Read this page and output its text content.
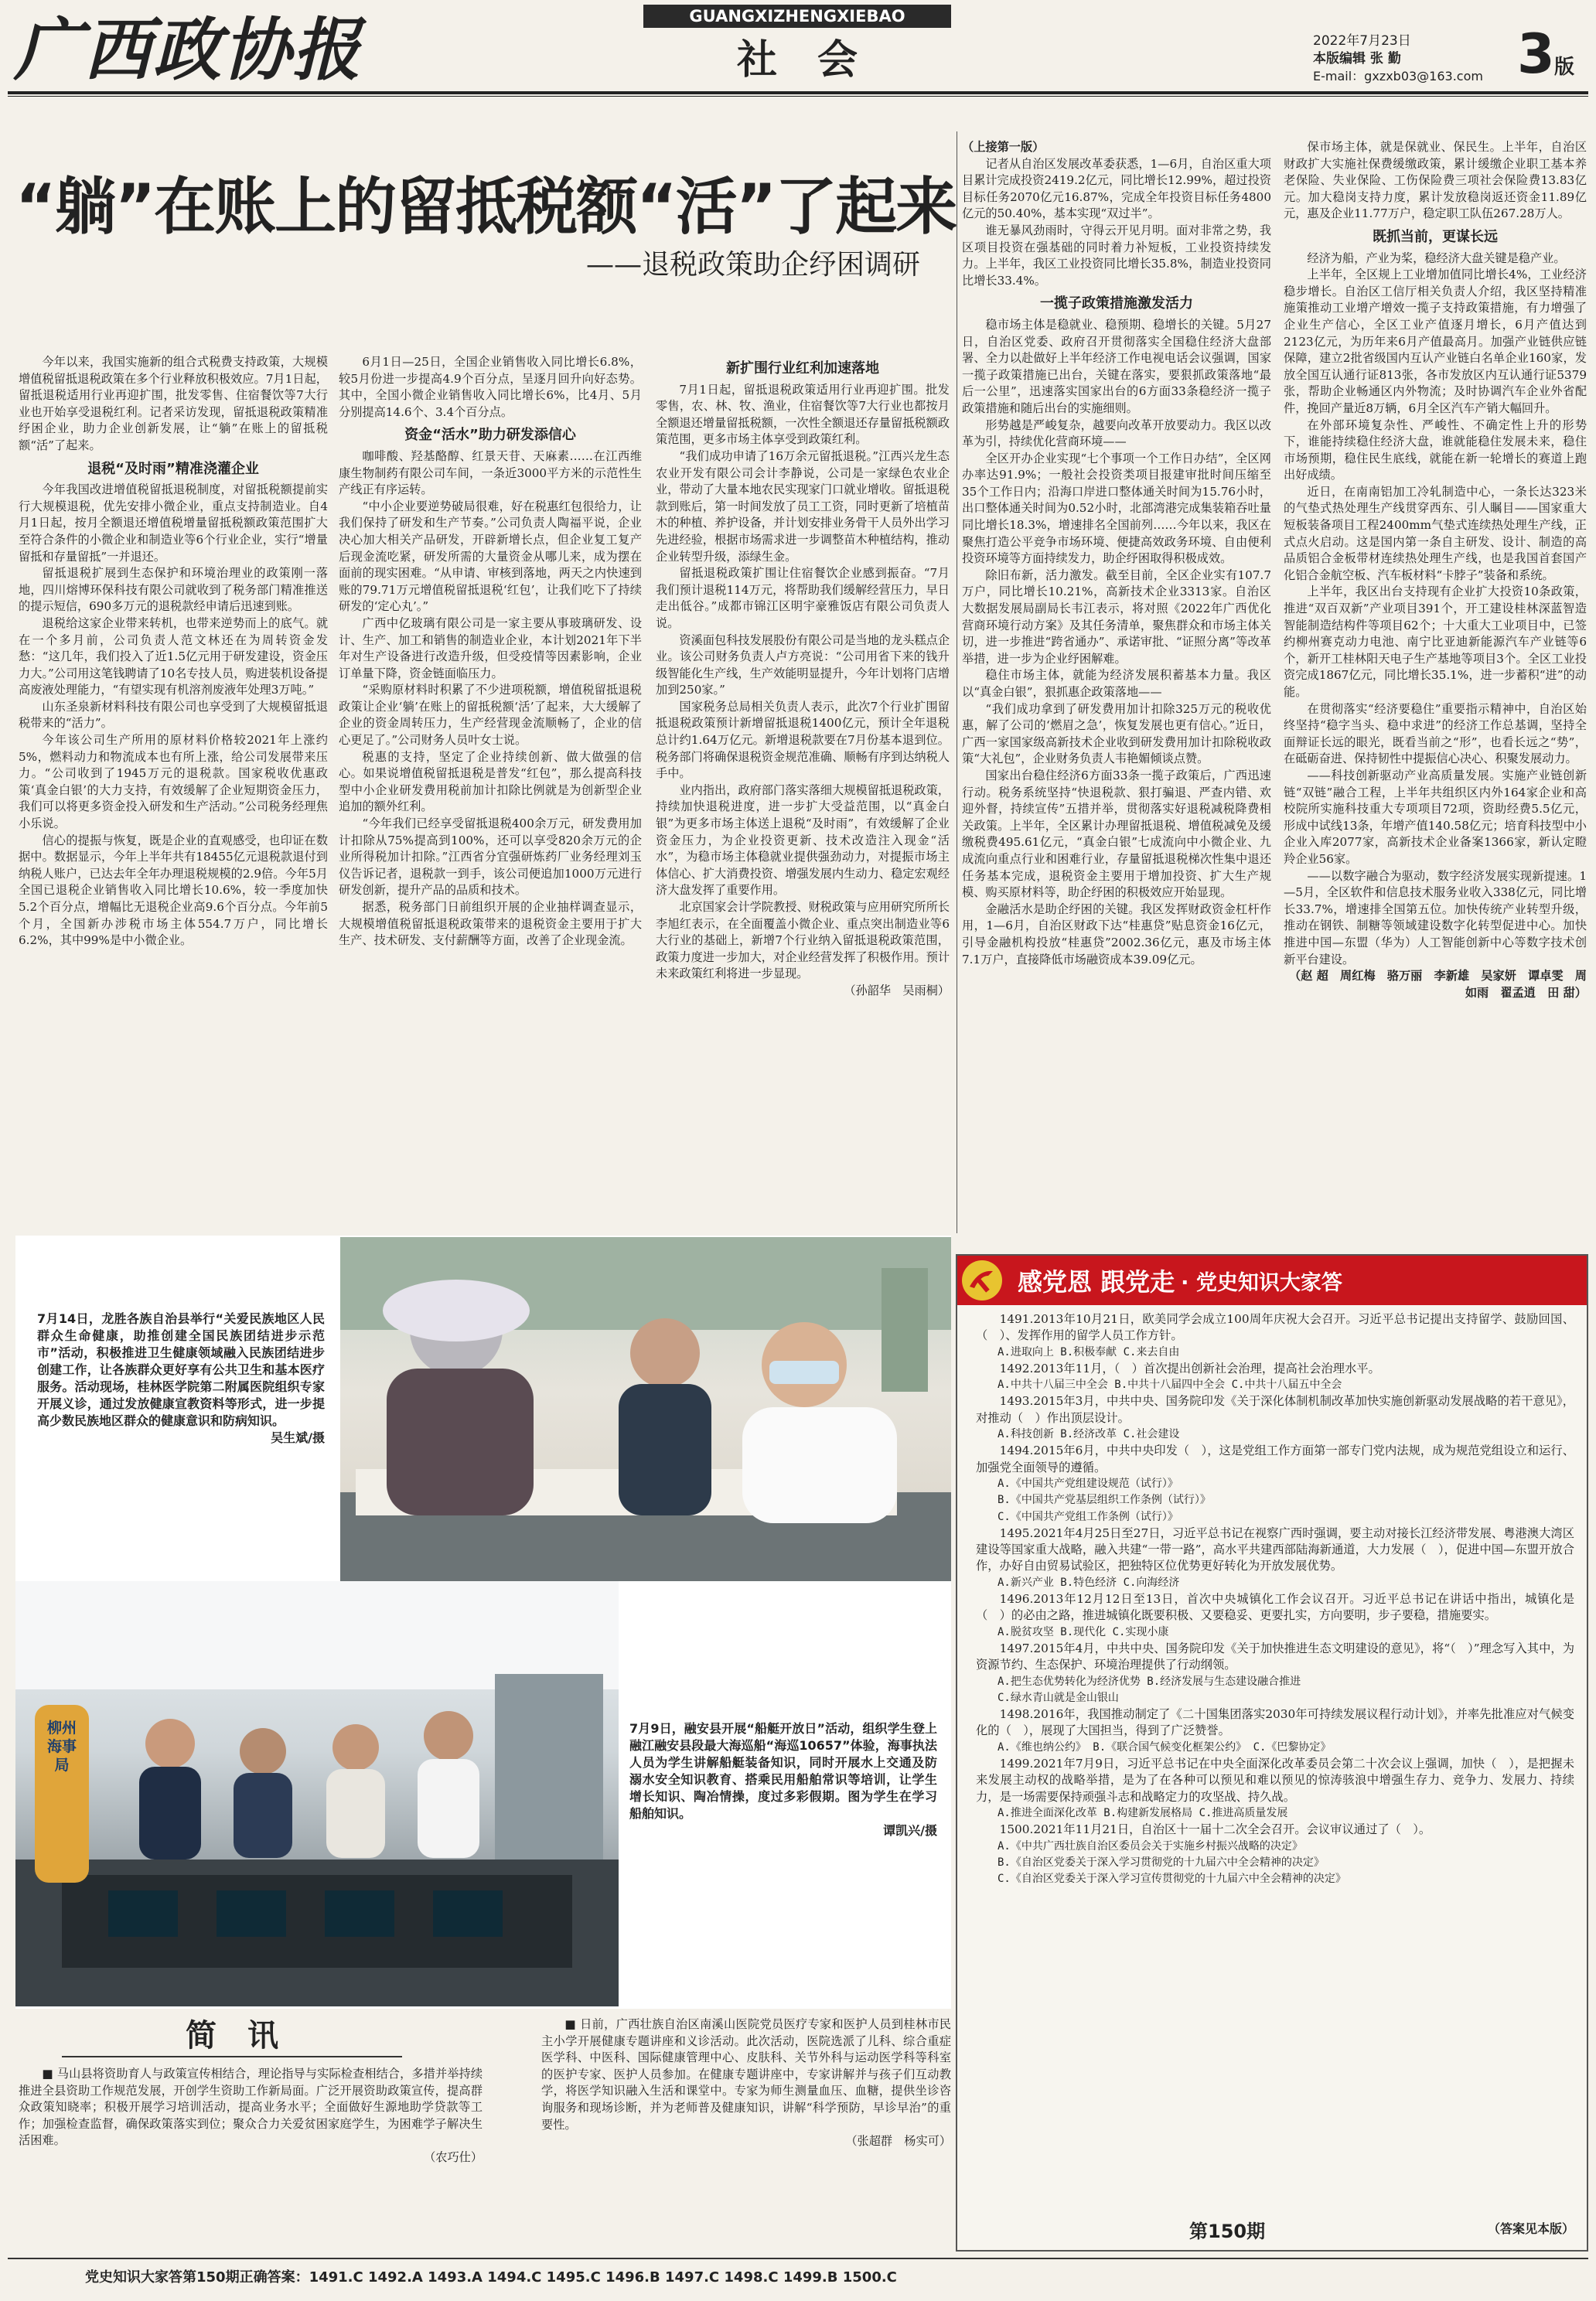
广西政协报	GUANGXIZHENGXIEBAO
社　会	2022年7月23日
本版编辑 张 勤
E-mail：gxzxb03@163.com 3 版
“躺”在账上的留抵税额“活”了起来
——退税政策助企纾困调研

今年以来，我国实施新的组合式税费支持政策，大规模增值税留抵退税政策在多个行业释放积极效应。7月1日起，留抵退税适用行业再迎扩围，批发零售、住宿餐饮等7大行业也开始享受退税红利。记者采访发现，留抵退税政策精准纾困企业，助力企业创新发展，让“躺”在账上的留抵税额“活”了起来。

退税“及时雨”精准浇灌企业

今年我国改进增值税留抵退税制度，对留抵税额提前实行大规模退税，优先安排小微企业，重点支持制造业。自4月1日起，按月全额退还增值税增量留抵税额政策范围扩大至符合条件的小微企业和制造业等6个行业企业，实行“增量留抵和存量留抵”一并退还。

留抵退税扩展到生态保护和环境治理业的政策刚一落地，四川熔博环保科技有限公司就收到了税务部门精准推送的提示短信，690多万元的退税款经申请后迅速到账。

退税给这家企业带来转机，也带来逆势而上的底气。就在一个多月前，公司负责人范文林还在为周转资金发愁：“这几年，我们投入了近1.5亿元用于研发建设，资金压力大。”公司用这笔钱聘请了10名专技人员，购进装机设备提高废液处理能力，“有望实现有机溶剂废液年处理3万吨。”

山东圣泉新材料科技有限公司也享受到了大规模留抵退税带来的“活力”。

今年该公司生产所用的原材料价格较2021年上涨约5%，燃料动力和物流成本也有所上涨，给公司发展带来压力。“公司收到了1945万元的退税款。国家税收优惠政策‘真金白银’的大力支持，有效缓解了企业短期资金压力，我们可以将更多资金投入研发和生产活动。”公司税务经理焦小乐说。

信心的提振与恢复，既是企业的直观感受，也印证在数据中。数据显示，今年上半年共有18455亿元退税款退付到纳税人账户，已达去年全年办理退税规模的2.9倍。今年5月全国已退税企业销售收入同比增长10.6%，较一季度加快5.2个百分点，增幅比无退税企业高9.6个百分点。今年前5个月，全国新办涉税市场主体554.7万户，同比增长6.2%，其中99%是中小微企业。

6月1日—25日，全国企业销售收入同比增长6.8%，较5月份进一步提高4.9个百分点，呈逐月回升向好态势。其中，全国小微企业销售收入同比增长6%，比4月、5月分别提高14.6个、3.4个百分点。

资金“活水”助力研发添信心

咖啡酸、羟基酪醇、红景天苷、天麻素……在江西维康生物制药有限公司车间，一条近3000平方米的示范性生产线正有序运转。

“中小企业要逆势破局很难，好在税惠红包很给力，让我们保持了研发和生产节奏。”公司负责人陶福平说，企业决心加大相关产品研发，开辟新增长点，但企业复工复产后现金流吃紧，研发所需的大量资金从哪儿来，成为摆在面前的现实困难。“从申请、审核到落地，两天之内快速到账的79.71万元增值税留抵退税‘红包’，让我们吃下了持续研发的‘定心丸’。”

广西中亿玻璃有限公司是一家主要从事玻璃研发、设计、生产、加工和销售的制造业企业，本计划2021年下半年对生产设备进行改造升级，但受疫情等因素影响，企业订单量下降，资金链面临压力。

“采购原材料时积累了不少进项税额，增值税留抵退税政策让企业‘躺’在账上的留抵税额‘活’了起来，大大缓解了企业的资金周转压力，生产经营现金流顺畅了，企业的信心更足了。”公司财务人员叶女士说。

税惠的支持，坚定了企业持续创新、做大做强的信心。如果说增值税留抵退税是普发“红包”，那么提高科技型中小企业研发费用税前加计扣除比例就是为创新型企业追加的额外红利。

“今年我们已经享受留抵退税400余万元，研发费用加计扣除从75%提高到100%，还可以享受820余万元的企业所得税加计扣除。”江西省分宜强研炼药厂业务经理刘玉仪告诉记者，退税款一到手，该公司便追加1000万元进行研发创新，提升产品的品质和技术。

据悉，税务部门日前组织开展的企业抽样调查显示，大规模增值税留抵退税政策带来的退税资金主要用于扩大生产、技术研发、支付薪酬等方面，改善了企业现金流。

新扩围行业红利加速落地

7月1日起，留抵退税政策适用行业再迎扩围。批发零售，农、林、牧、渔业，住宿餐饮等7大行业也都按月全额退还增量留抵税额，一次性全额退还存量留抵税额政策范围，更多市场主体享受到政策红利。

“我们成功申请了16万余元留抵退税。”江西兴龙生态农业开发有限公司会计李静说，公司是一家绿色农业企业，带动了大量本地农民实现家门口就业增收。留抵退税款到账后，第一时间发放了员工工资，同时更新了培植苗木的种植、养护设备，并计划安排业务骨干人员外出学习先进经验，根据市场需求进一步调整苗木种植结构，推动企业转型升级，添绿生金。

留抵退税政策扩围让住宿餐饮企业感到振奋。“7月我们预计退税114万元，将帮助我们缓解经营压力，早日走出低谷。”成都市锦江区明宇豪雅饭店有限公司负责人说。

资溪面包科技发展股份有限公司是当地的龙头糕点企业。该公司财务负责人卢方亮说：“公司用省下来的钱升级智能化生产线，生产效能明显提升，今年计划将门店增加到250家。”

国家税务总局相关负责人表示，此次7个行业扩围留抵退税政策预计新增留抵退税1400亿元，预计全年退税总计约1.64万亿元。新增退税款要在7月份基本退到位。税务部门将确保退税资金规范准确、顺畅有序到达纳税人手中。

业内指出，政府部门落实落细大规模留抵退税政策，持续加快退税进度，进一步扩大受益范围，以“真金白银”为更多市场主体送上退税“及时雨”，有效缓解了企业资金压力，为企业投资更新、技术改造注入现金“活水”，为稳市场主体稳就业提供强劲动力，对提振市场主体信心、扩大消费投资、增强发展内生动力、稳定宏观经济大盘发挥了重要作用。

北京国家会计学院教授、财税政策与应用研究所所长李旭红表示，在全面覆盖小微企业、重点突出制造业等6大行业的基础上，新增7个行业纳入留抵退税政策范围，政策力度进一步加大，对企业经营发挥了积极作用。预计未来政策红利将进一步显现。

（孙韶华　吴雨桐）

（上接第一版）

记者从自治区发展改革委获悉，1—6月，自治区重大项目累计完成投资2419.2亿元，同比增长12.99%，超过投资目标任务2070亿元16.87%，完成全年投资目标任务4800亿元的50.40%，基本实现“双过半”。

谁无暴风劲雨时，守得云开见月明。面对非常之势，我区项目投资在强基础的同时着力补短板，工业投资持续发力。上半年，我区工业投资同比增长35.8%，制造业投资同比增长33.4%。

一揽子政策措施激发活力

稳市场主体是稳就业、稳预期、稳增长的关键。5月27日，自治区党委、政府召开贯彻落实全国稳住经济大盘部署、全力以赴做好上半年经济工作电视电话会议强调，国家一揽子政策措施已出台，关键在落实，要狠抓政策落地“最后一公里”，迅速落实国家出台的6方面33条稳经济一揽子政策措施和随后出台的实施细则。

形势越是严峻复杂，越要向改革开放要动力。我区以改革为引，持续优化营商环境——

全区开办企业实现“七个事项一个工作日办结”，全区网办率达91.9%；一般社会投资类项目报建审批时间压缩至35个工作日内；沿海口岸进口整体通关时间为15.76小时，出口整体通关时间为0.52小时，北部湾港完成集装箱吞吐量同比增长18.3%，增速排名全国前列……今年以来，我区在聚焦打造公平竞争市场环境、便捷高效政务环境、自由便利投资环境等方面持续发力，助企纾困取得积极成效。

除旧布新，活力激发。截至目前，全区企业实有107.7万户，同比增长10.21%，高新技术企业3313家。自治区大数据发展局副局长韦江表示，将对照《2022年广西优化营商环境行动方案》及其任务清单，聚焦群众和市场主体关切，进一步推进“跨省通办”、承诺审批、“证照分离”等改革举措，进一步为企业纾困解难。

稳住市场主体，就能为经济发展积蓄基本力量。我区以“真金白银”，狠抓惠企政策落地——

“我们成功拿到了研发费用加计扣除325万元的税收优惠，解了公司的‘燃眉之急’，恢复发展也更有信心。”近日，广西一家国家级高新技术企业收到研发费用加计扣除税收政策“大礼包”，企业财务负责人韦艳媚倾谈点赞。

国家出台稳住经济6方面33条一揽子政策后，广西迅速行动。税务系统坚持“快退税款、狠打骗退、严查内错、欢迎外督，持续宣传”五措并举，贯彻落实好退税减税降费相关政策。上半年，全区累计办理留抵退税、增值税减免及缓缴税费495.61亿元，“真金白银”七成流向中小微企业、九成流向重点行业和困难行业，存量留抵退税梯次性集中退还任务基本完成，退税资金主要用于增加投资、扩大生产规模、购买原材料等，助企纾困的积极效应开始显现。

金融活水是助企纾困的关键。我区发挥财政资金杠杆作用，1—6月，自治区财政下达“桂惠贷”贴息资金16亿元，引导金融机构投放“桂惠贷”2002.36亿元，惠及市场主体7.1万户，直接降低市场融资成本39.09亿元。

保市场主体，就是保就业、保民生。上半年，自治区财政扩大实施社保费缓缴政策，累计缓缴企业职工基本养老保险、失业保险、工伤保险费三项社会保险费13.83亿元。加大稳岗支持力度，累计发放稳岗返还资金11.89亿元，惠及企业11.77万户，稳定职工队伍267.28万人。

既抓当前，更谋长远

经济为船，产业为桨，稳经济大盘关键是稳产业。

上半年，全区规上工业增加值同比增长4%，工业经济稳步增长。自治区工信厅相关负责人介绍，我区坚持精准施策推动工业增产增效一揽子支持政策措施，有力增强了企业生产信心，全区工业产值逐月增长，6月产值达到2123亿元，为历年来6月产值最高月。加强产业链供应链保障，建立2批省级国内互认产业链白名单企业160家，发放全国互认通行证813张，各市发放区内互认通行证5379张，帮助企业畅通区内外物流；及时协调汽车企业外省配件，挽回产量近8万辆，6月全区汽车产销大幅回升。

在外部环境复杂性、严峻性、不确定性上升的形势下，谁能持续稳住经济大盘，谁就能稳住发展未来，稳住市场预期，稳住民生底线，就能在新一轮增长的赛道上跑出好成绩。

近日，在南南铝加工冷轧制造中心，一条长达323米的气垫式热处理生产线贯穿西东、引人瞩目——国家重大短板装备项目工程2400mm气垫式连续热处理生产线，正式点火启动。这是国内第一条自主研发、设计、制造的高品质铝合金板带材连续热处理生产线，也是我国首套国产化铝合金航空板、汽车板材料“卡脖子”装备和系统。

上半年，我区出台支持现有企业扩大投资10条政策，推进“双百双新”产业项目391个，开工建设桂林深蓝智造智能制造结构件等项目62个；十大重大工业项目中，已签约柳州赛克动力电池、南宁比亚迪新能源汽车产业链等6个，新开工桂林阳天电子生产基地等项目3个。全区工业投资完成1867亿元，同比增长35.1%，进一步蓄积“进”的动能。

在贯彻落实“经济要稳住”重要指示精神中，自治区始终坚持“稳字当头、稳中求进”的经济工作总基调，坚持全面辩证长远的眼光，既看当前之“形”，也看长远之“势”，在砥砺奋进、保持韧性中提振信心决心、积聚发展动力。

——科技创新驱动产业高质量发展。实施产业链创新链“双链”融合工程，上半年共组织区内外164家企业和高校院所实施科技重大专项项目72项，资助经费5.5亿元，形成中试线13条，年增产值140.58亿元；培育科技型中小企业入库2077家，高新技术企业备案1366家，新认定瞪羚企业56家。

——以数字融合为驱动，数字经济发展实现新提速。1—5月，全区软件和信息技术服务业收入338亿元，同比增长33.7%，增速排全国第五位。加快传统产业转型升级，推动在钢铁、制糖等领域建设数字化转型促进中心。加快推进中国—东盟（华为）人工智能创新中心等数字技术创新平台建设。

（赵 超　周红梅　骆万丽　李新雄　吴家妍　谭卓雯　周如雨　翟孟逍　田 甜）

7月14日，龙胜各族自治县举行“关爱民族地区人民群众生命健康，助推创建全国民族团结进步示范市”活动，积极推进卫生健康领域融入民族团结进步创建工作，让各族群众更好享有公共卫生和基本医疗服务。活动现场，桂林医学院第二附属医院组织专家开展义诊，通过发放健康宣教资料等形式，进一步提高少数民族地区群众的健康意识和防病知识。
吴生斌/摄
柳州海事局
7月9日，融安县开展“船艇开放日”活动，组织学生登上融江融安县段最大海巡船“海巡10657”体验，海事执法人员为学生讲解船艇装备知识，同时开展水上交通及防溺水安全知识教育、搭乘民用船舶常识等培训，让学生增长知识、陶冶情操，度过多彩假期。图为学生在学习船舶知识。
谭凯兴/摄
简　讯

■ 马山县将资助育人与政策宣传相结合，理论指导与实际检查相结合，多措并举持续推进全县资助工作规范发展，开创学生资助工作新局面。广泛开展资助政策宣传，提高群众政策知晓率；积极开展学习培训活动，提高业务水平；全面做好生源地助学贷款等工作；加强检查监督，确保政策落实到位；聚众合力关爱贫困家庭学生，为困难学子解决生活困难。

（农巧仕）

■ 日前，广西壮族自治区南溪山医院党员医疗专家和医护人员到桂林市民主小学开展健康专题讲座和义诊活动。此次活动，医院选派了儿科、综合重症医学科、中医科、国际健康管理中心、皮肤科、关节外科与运动医学科等科室的医护专家、医护人员参加。在健康专题讲座中，专家讲解并与孩子们互动教学，将医学知识融入生活和课堂中。专家为师生测量血压、血糖，提供坐诊咨询服务和现场诊断，并为老师普及健康知识，讲解“科学预防，早诊早治”的重要性。

（张超群　杨实可）

感党恩 跟党走 · 党史知识大家答

1491.2013年10月21日，欧美同学会成立100周年庆祝大会召开。习近平总书记提出支持留学、鼓励回国、（　）、发挥作用的留学人员工作方针。

A.进取向上 B.积极奉献 C.来去自由

1492.2013年11月，（　）首次提出创新社会治理，提高社会治理水平。

A.中共十八届三中全会 B.中共十八届四中全会 C.中共十八届五中全会

1493.2015年3月，中共中央、国务院印发《关于深化体制机制改革加快实施创新驱动发展战略的若干意见》，对推动（　）作出顶层设计。

A.科技创新 B.经济改革 C.社会建设

1494.2015年6月，中共中央印发（　），这是党组工作方面第一部专门党内法规，成为规范党组设立和运行、加强党全面领导的遵循。

A.《中国共产党组建设规范（试行）》

B.《中国共产党基层组织工作条例（试行）》

C.《中国共产党组工作条例（试行）》

1495.2021年4月25日至27日，习近平总书记在视察广西时强调，要主动对接长江经济带发展、粤港澳大湾区建设等国家重大战略，融入共建“一带一路”，高水平共建西部陆海新通道，大力发展（　），促进中国—东盟开放合作，办好自由贸易试验区，把独特区位优势更好转化为开放发展优势。

A.新兴产业 B.特色经济 C.向海经济

1496.2013年12月12日至13日，首次中央城镇化工作会议召开。习近平总书记在讲话中指出，城镇化是（　）的必由之路，推进城镇化既要积极、又要稳妥、更要扎实，方向要明，步子要稳，措施要实。

A.脱贫攻坚 B.现代化 C.实现小康

1497.2015年4月，中共中央、国务院印发《关于加快推进生态文明建设的意见》，将“（　）”理念写入其中，为资源节约、生态保护、环境治理提供了行动纲领。

A.把生态优势转化为经济优势 B.经济发展与生态建设融合推进

C.绿水青山就是金山银山

1498.2016年，我国推动制定了《二十国集团落实2030年可持续发展议程行动计划》，并率先批准应对气候变化的（　），展现了大国担当，得到了广泛赞誉。

A.《维也纳公约》 B.《联合国气候变化框架公约》 C.《巴黎协定》

1499.2021年7月9日，习近平总书记在中央全面深化改革委员会第二十次会议上强调，加快（　），是把握未来发展主动权的战略举措，是为了在各种可以预见和难以预见的惊涛骇浪中增强生存力、竞争力、发展力、持续力，是一场需要保持顽强斗志和战略定力的攻坚战、持久战。

A.推进全面深化改革 B.构建新发展格局 C.推进高质量发展

1500.2021年11月21日，自治区十一届十二次全会召开。会议审议通过了（　）。

A.《中共广西壮族自治区委员会关于实施乡村振兴战略的决定》

B.《自治区党委关于深入学习贯彻党的十九届六中全会精神的决定》

C.《自治区党委关于深入学习宣传贯彻党的十九届六中全会精神的决定》

第150期	（答案见本版）
党史知识大家答第150期正确答案：1491.C 1492.A 1493.A 1494.C 1495.C 1496.B 1497.C 1498.C 1499.B 1500.C
